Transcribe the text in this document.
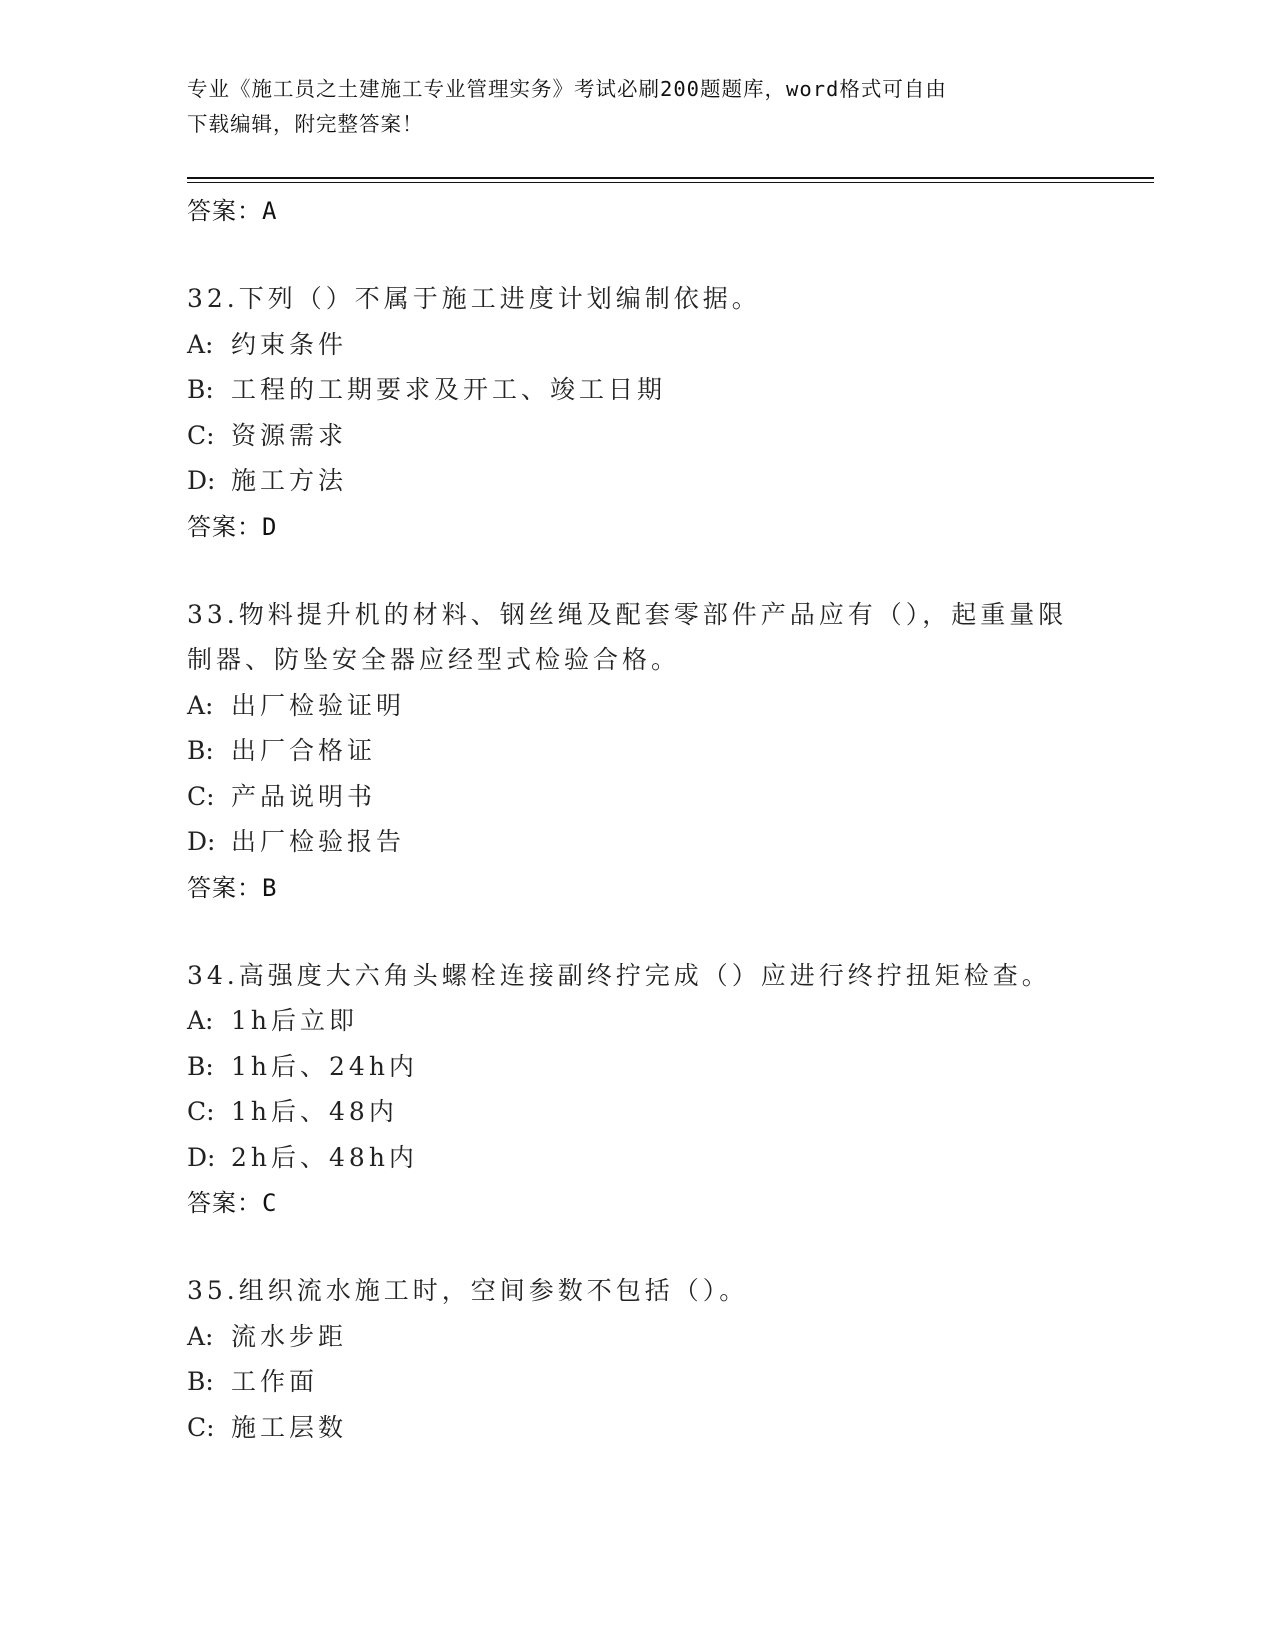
专业《施工员之土建施工专业管理实务》考试必刷200题题库，word格式可自由
下载编辑，附完整答案！
答案：A
32.下列（）不属于施工进度计划编制依据。
A: 约束条件
B: 工程的工期要求及开工、竣工日期
C: 资源需求
D: 施工方法
答案：D
33.物料提升机的材料、钢丝绳及配套零部件产品应有（），起重量限制器、防坠安全器应经型式检验合格。
A: 出厂检验证明
B: 出厂合格证
C: 产品说明书
D: 出厂检验报告
答案：B
34.高强度大六角头螺栓连接副终拧完成（）应进行终拧扭矩检查。
A: 1h后立即
B: 1h后、24h内
C: 1h后、48内
D: 2h后、48h内
答案：C
35.组织流水施工时，空间参数不包括（）。
A: 流水步距
B: 工作面
C: 施工层数
